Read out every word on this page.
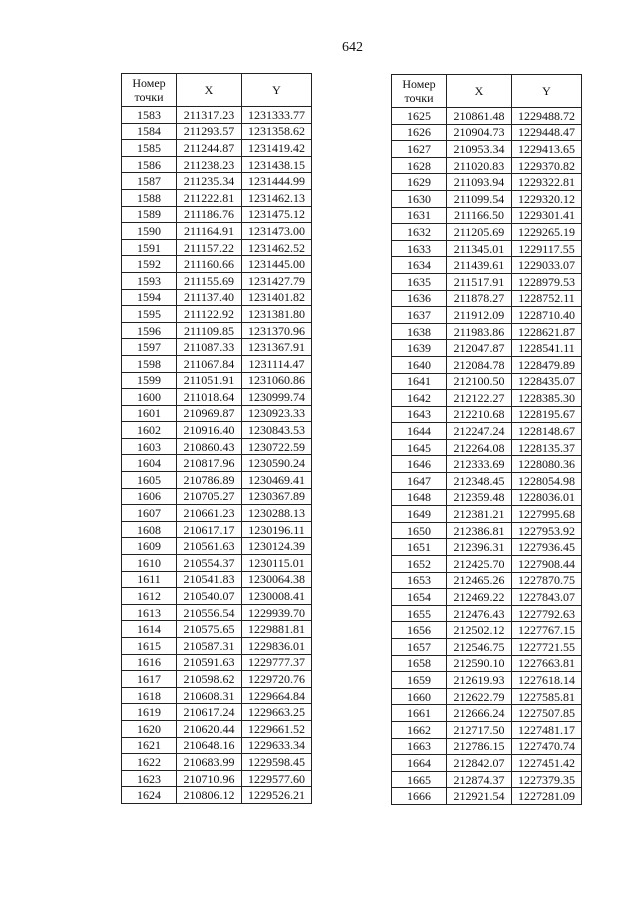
642
Номер
точки	X	Y
1583	211317.23	1231333.77
1584	211293.57	1231358.62
1585	211244.87	1231419.42
1586	211238.23	1231438.15
1587	211235.34	1231444.99
1588	211222.81	1231462.13
1589	211186.76	1231475.12
1590	211164.91	1231473.00
1591	211157.22	1231462.52
1592	211160.66	1231445.00
1593	211155.69	1231427.79
1594	211137.40	1231401.82
1595	211122.92	1231381.80
1596	211109.85	1231370.96
1597	211087.33	1231367.91
1598	211067.84	1231114.47
1599	211051.91	1231060.86
1600	211018.64	1230999.74
1601	210969.87	1230923.33
1602	210916.40	1230843.53
1603	210860.43	1230722.59
1604	210817.96	1230590.24
1605	210786.89	1230469.41
1606	210705.27	1230367.89
1607	210661.23	1230288.13
1608	210617.17	1230196.11
1609	210561.63	1230124.39
1610	210554.37	1230115.01
1611	210541.83	1230064.38
1612	210540.07	1230008.41
1613	210556.54	1229939.70
1614	210575.65	1229881.81
1615	210587.31	1229836.01
1616	210591.63	1229777.37
1617	210598.62	1229720.76
1618	210608.31	1229664.84
1619	210617.24	1229663.25
1620	210620.44	1229661.52
1621	210648.16	1229633.34
1622	210683.99	1229598.45
1623	210710.96	1229577.60
1624	210806.12	1229526.21
Номер
точки	X	Y
1625	210861.48	1229488.72
1626	210904.73	1229448.47
1627	210953.34	1229413.65
1628	211020.83	1229370.82
1629	211093.94	1229322.81
1630	211099.54	1229320.12
1631	211166.50	1229301.41
1632	211205.69	1229265.19
1633	211345.01	1229117.55
1634	211439.61	1229033.07
1635	211517.91	1228979.53
1636	211878.27	1228752.11
1637	211912.09	1228710.40
1638	211983.86	1228621.87
1639	212047.87	1228541.11
1640	212084.78	1228479.89
1641	212100.50	1228435.07
1642	212122.27	1228385.30
1643	212210.68	1228195.67
1644	212247.24	1228148.67
1645	212264.08	1228135.37
1646	212333.69	1228080.36
1647	212348.45	1228054.98
1648	212359.48	1228036.01
1649	212381.21	1227995.68
1650	212386.81	1227953.92
1651	212396.31	1227936.45
1652	212425.70	1227908.44
1653	212465.26	1227870.75
1654	212469.22	1227843.07
1655	212476.43	1227792.63
1656	212502.12	1227767.15
1657	212546.75	1227721.55
1658	212590.10	1227663.81
1659	212619.93	1227618.14
1660	212622.79	1227585.81
1661	212666.24	1227507.85
1662	212717.50	1227481.17
1663	212786.15	1227470.74
1664	212842.07	1227451.42
1665	212874.37	1227379.35
1666	212921.54	1227281.09
